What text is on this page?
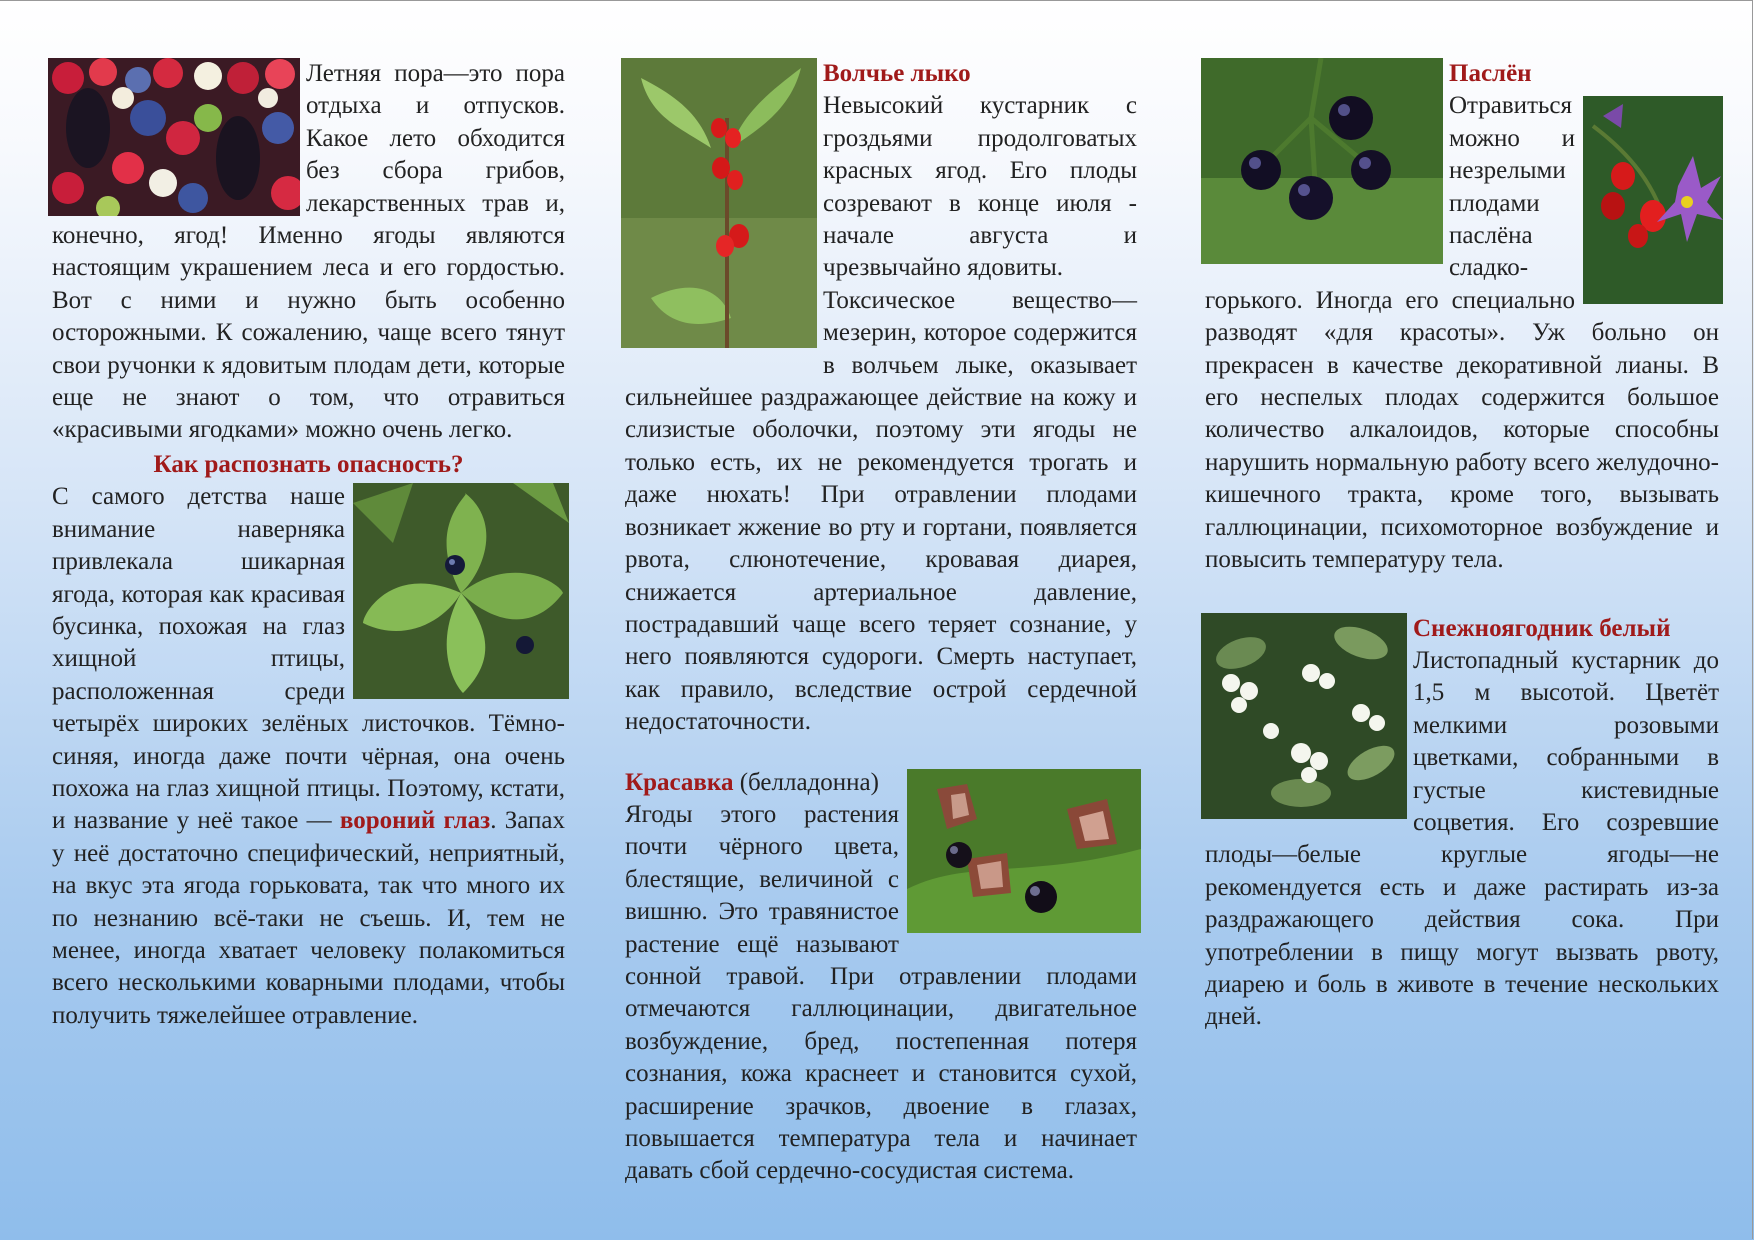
Летняя пора—это пора отдыха и отпусков. Какое лето обходится без сбора грибов, лекарственных трав и, конечно, ягод! Именно ягоды являются настоящим украшением леса и его гордостью. Вот с ними и нужно быть особенно осторожными. К сожалению, чаще всего тянут свои ручонки к ядовитым плодам дети, которые еще не знают о том, что отравиться «красивыми ягодками» можно очень легко.

Как распознать опасность?

С самого детства наше внимание наверняка привлекала шикарная ягода, которая как красивая бусинка, похожая на глаз хищной птицы, расположенная среди четырёх широких зелёных листочков. Тёмно-синяя, иногда даже почти чёрная, она очень похожа на глаз хищной птицы. Поэтому, кстати, и название у неё такое — вороний глаз. Запах у неё достаточно специфический, неприятный, на вкус эта ягода горьковата, так что много их по незнанию всё-таки не съешь. И, тем не менее, иногда хватает человеку полакомиться всего несколькими коварными плодами, чтобы получить тяжелейшее отравление.

Волчье лыко

Невысокий кустарник с гроздьями продолговатых красных ягод. Его плоды созревают в конце июля - начале августа и чрезвычайно ядовиты.

Токсическое вещество—мезерин, которое содержится в волчьем лыке, оказывает сильнейшее раздражающее действие на кожу и слизистые оболочки, поэтому эти ягоды не только есть, их не рекомендуется трогать и даже нюхать! При отравлении плодами возникает жжение во рту и гортани, появляется рвота, слюнотечение, кровавая диарея, снижается артериальное давление, пострадавший чаще всего теряет сознание, у него появляются судороги. Смерть наступает, как правило, вследствие острой сердечной недостаточности.

Красавка (белладонна)

Ягоды этого растения почти чёрного цвета, блестящие, величиной с вишню. Это травянистое растение ещё называют сонной травой. При отравлении плодами отмечаются галлюцинации, двигательное возбуждение, бред, постепенная потеря сознания, кожа краснеет и становится сухой, расширение зрачков, двоение в глазах, повышается температура тела и начинает давать сбой сердечно-сосудистая система.

Паслён

Отравиться можно и незрелыми плодами паслёна сладко-горького. Иногда его специально разводят «для красоты». Уж больно он прекрасен в качестве декоративной лианы. В его неспелых плодах содержится большое количество алкалоидов, которые способны нарушить нормальную работу всего желудочно-кишечного тракта, кроме того, вызывать галлюцинации, психомоторное возбуждение и повысить температуру тела.

Снежноягодник белый

Листопадный кустарник до 1,5 м высотой. Цветёт мелкими розовыми цветками, собранными в густые кистевидные соцветия. Его созревшие плоды—белые круглые ягоды—не рекомендуется есть и даже растирать из-за раздражающего действия сока. При употреблении в пищу могут вызвать рвоту, диарею и боль в животе в течение нескольких дней.
